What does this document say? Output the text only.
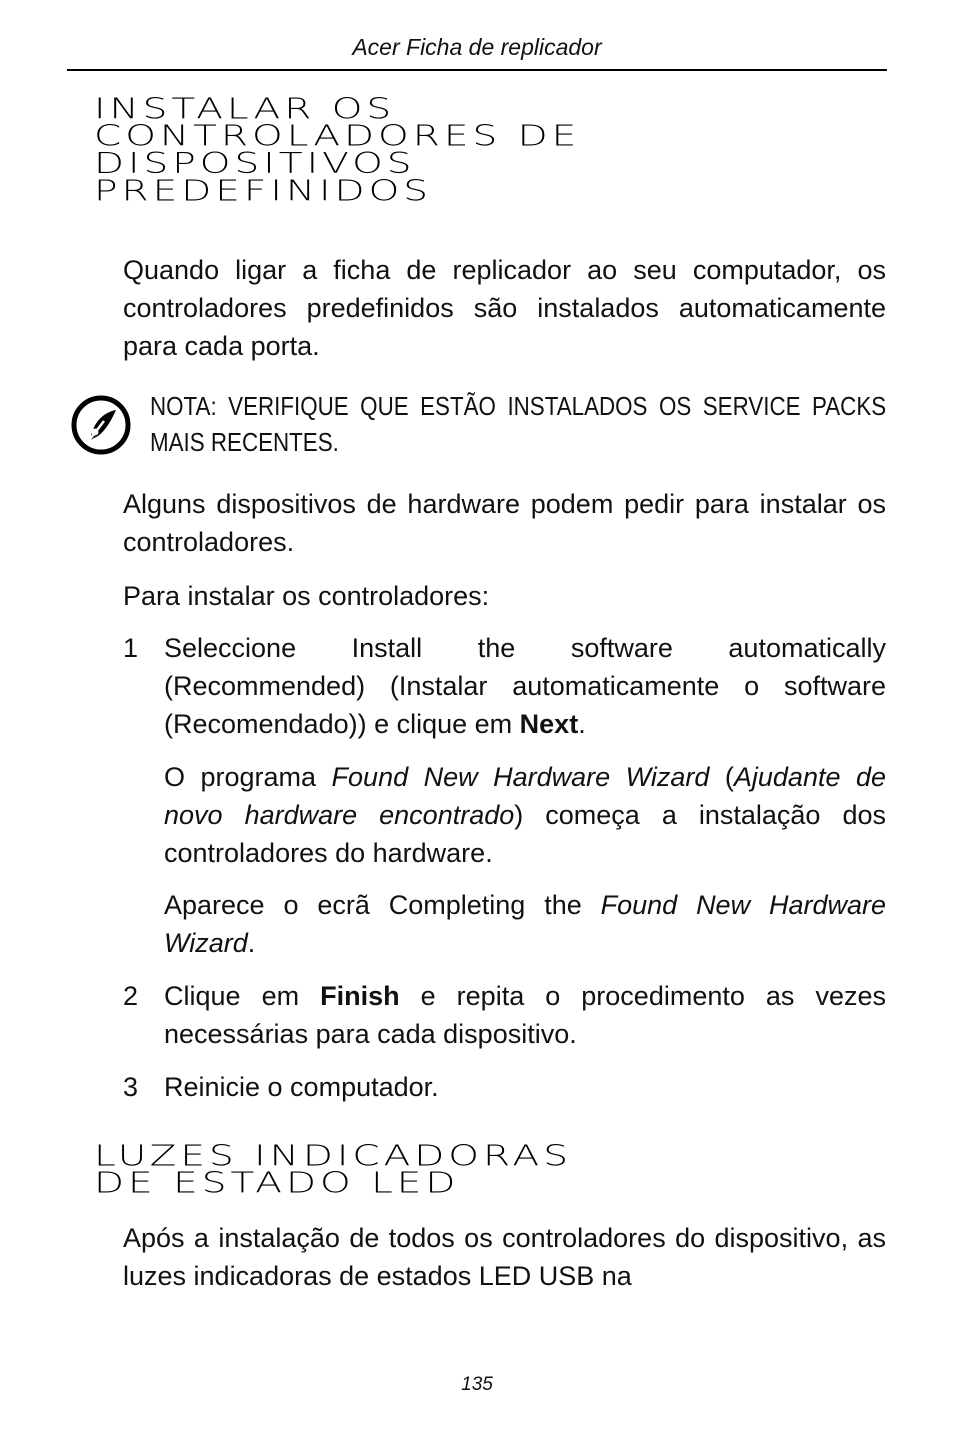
Acer Ficha de replicador
INSTALAR OS
CONTROLADORES DE
DISPOSITIVOS
PREDEFINIDOS

Quando ligar a ficha de replicador ao seu computador, os controladores predefinidos são instalados automaticamente para cada porta.

NOTA: VERIFIQUE QUE ESTÃO INSTALADOS OS SERVICE PACKS MAIS RECENTES.

Alguns dispositivos de hardware podem pedir para instalar os controladores.

Para instalar os controladores:

1 Seleccione Install the software automatically (Recommended) (Instalar automaticamente o software (Recomendado)) e clique em Next.

O programa Found New Hardware Wizard (Ajudante de novo hardware encontrado) começa a instalação dos controladores do hardware.

Aparece o ecrã Completing the Found New Hardware Wizard.

2 Clique em Finish e repita o procedimento as vezes necessárias para cada dispositivo.

3 Reinicie o computador.

LUZES INDICADORAS
DE ESTADO LED

Após a instalação de todos os controladores do dispositivo, as luzes indicadoras de estados LED USB na

135
